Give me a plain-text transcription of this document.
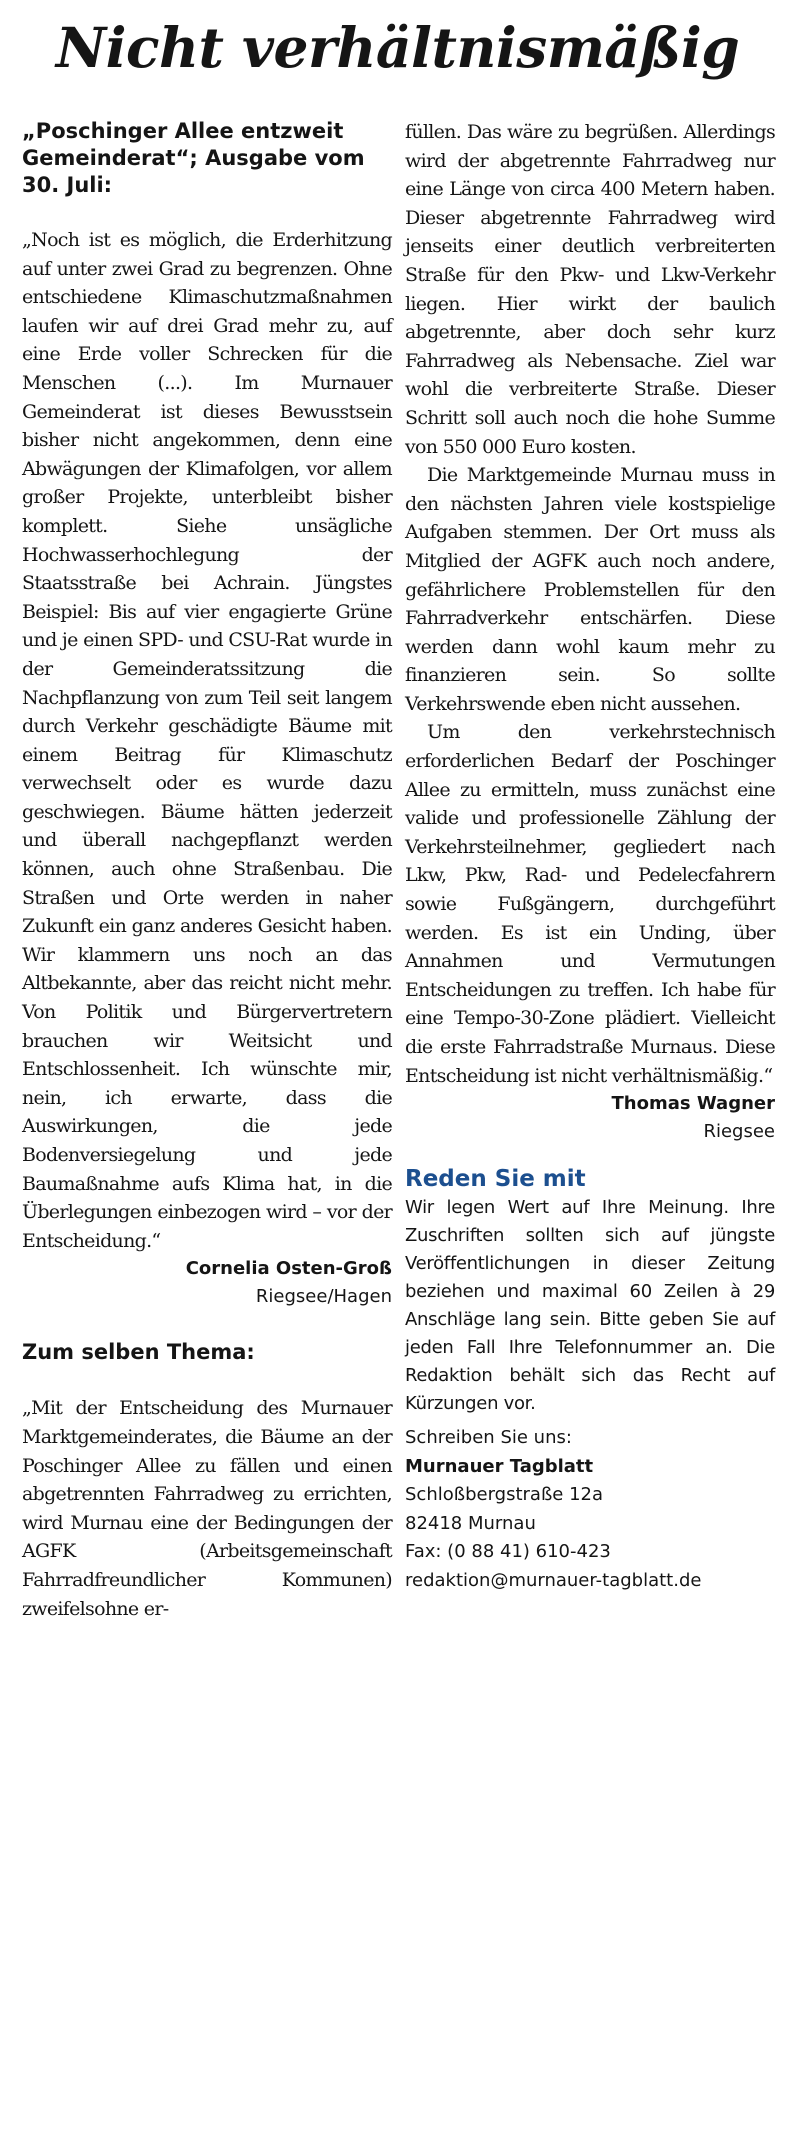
Nicht verhältnismäßig

„Poschinger Allee entzweit Gemeinderat“; Ausgabe vom 30. Juli:

„Noch ist es möglich, die Erderhitzung auf unter zwei Grad zu begrenzen. Ohne entschiedene Klimaschutzmaßnahmen laufen wir auf drei Grad mehr zu, auf eine Erde voller Schrecken für die Menschen (...). Im Murnauer Gemeinderat ist dieses Bewusstsein bisher nicht angekommen, denn eine Abwägungen der Klimafolgen, vor allem großer Projekte, unterbleibt bisher komplett. Siehe unsägliche Hochwasserhochlegung der Staatsstraße bei Achrain. Jüngstes Beispiel: Bis auf vier engagierte Grüne und je einen SPD- und CSU-Rat wurde in der Gemeinderatssitzung die Nachpflanzung von zum Teil seit langem durch Verkehr geschädigte Bäume mit einem Beitrag für Klimaschutz verwechselt oder es wurde dazu geschwiegen. Bäume hätten jederzeit und überall nachgepflanzt werden können, auch ohne Straßenbau. Die Straßen und Orte werden in naher Zukunft ein ganz anderes Gesicht haben. Wir klammern uns noch an das Altbekannte, aber das reicht nicht mehr. Von Politik und Bürgervertretern brauchen wir Weitsicht und Entschlossenheit. Ich wünschte mir, nein, ich erwarte, dass die Auswirkungen, die jede Bodenversiegelung und jede Baumaßnahme aufs Klima hat, in die Überlegungen einbezogen wird – vor der Entscheidung.“

Cornelia Osten-Groß

Riegsee/Hagen

Zum selben Thema:

„Mit der Entscheidung des Murnauer Marktgemeinderates, die Bäume an der Poschinger Allee zu fällen und einen abgetrennten Fahrradweg zu errichten, wird Murnau eine der Bedingungen der AGFK (Arbeitsgemeinschaft Fahrradfreundlicher Kommunen) zweifelsohne er-

füllen. Das wäre zu begrüßen. Allerdings wird der abgetrennte Fahrradweg nur eine Länge von circa 400 Metern haben. Dieser abgetrennte Fahrradweg wird jenseits einer deutlich verbreiterten Straße für den Pkw- und Lkw-Verkehr liegen. Hier wirkt der baulich abgetrennte, aber doch sehr kurz Fahrradweg als Nebensache. Ziel war wohl die verbreiterte Straße. Dieser Schritt soll auch noch die hohe Summe von 550 000 Euro kosten.

Die Marktgemeinde Murnau muss in den nächsten Jahren viele kostspielige Aufgaben stemmen. Der Ort muss als Mitglied der AGFK auch noch andere, gefährlichere Problemstellen für den Fahrradverkehr entschärfen. Diese werden dann wohl kaum mehr zu finanzieren sein. So sollte Verkehrswende eben nicht aussehen.

Um den verkehrstechnisch erforderlichen Bedarf der Poschinger Allee zu ermitteln, muss zunächst eine valide und professionelle Zählung der Verkehrsteilnehmer, gegliedert nach Lkw, Pkw, Rad- und Pedelecfahrern sowie Fußgängern, durchgeführt werden. Es ist ein Unding, über Annahmen und Vermutungen Entscheidungen zu treffen. Ich habe für eine Tempo-30-Zone plädiert. Vielleicht die erste Fahrradstraße Murnaus. Diese Entscheidung ist nicht verhältnismäßig.“

Thomas Wagner

Riegsee

Reden Sie mit

Wir legen Wert auf Ihre Meinung. Ihre Zuschriften sollten sich auf jüngste Veröffentlichungen in dieser Zeitung beziehen und maximal 60 Zeilen à 29 Anschläge lang sein. Bitte geben Sie auf jeden Fall Ihre Telefonnummer an. Die Redaktion behält sich das Recht auf Kürzungen vor.

Schreiben Sie uns:

Murnauer Tagblatt

Schloßbergstraße 12a

82418 Murnau

Fax: (0 88 41) 610-423

redaktion@murnauer-tagblatt.de
